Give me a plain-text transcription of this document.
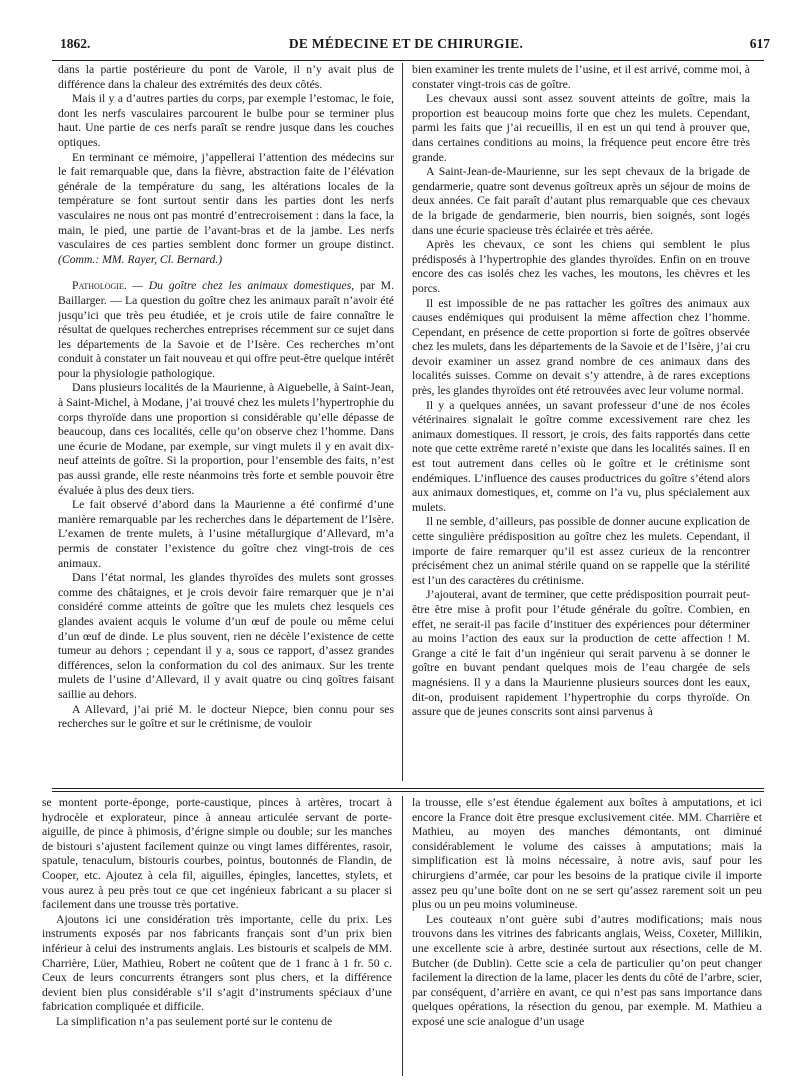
1862.	DE MÉDECINE ET DE CHIRURGIE.	617

dans la partie postérieure du pont de Varole, il n’y avait plus de différence dans la chaleur des extrémités des deux côtés.

Mais il y a d’autres parties du corps, par exemple l’estomac, le foie, dont les nerfs vasculaires parcourent le bulbe pour se terminer plus haut. Une partie de ces nerfs paraît se rendre jusque dans les couches optiques.

En terminant ce mémoire, j’appellerai l’attention des médecins sur le fait remarquable que, dans la fièvre, abstraction faite de l’élévation générale de la température du sang, les altérations locales de la température se font surtout sentir dans les parties dont les nerfs vasculaires ne nous ont pas montré d’entrecroisement : dans la face, la main, le pied, une partie de l’avant-bras et de la jambe. Les nerfs vasculaires de ces parties semblent donc former un groupe distinct. (Comm.: MM. Rayer, Cl. Bernard.)

Pathologie. — Du goître chez les animaux domestiques, par M. Baillarger. — La question du goître chez les animaux paraît n’avoir été jusqu’ici que très peu étudiée, et je crois utile de faire connaître le résultat de quelques recherches entreprises récemment sur ce sujet dans les départements de la Savoie et de l’Isère. Ces recherches m’ont conduit à constater un fait nouveau et qui offre peut-être quelque intérêt pour la physiologie pathologique.

Dans plusieurs localités de la Maurienne, à Aiguebelle, à Saint-Jean, à Saint-Michel, à Modane, j’ai trouvé chez les mulets l’hypertrophie du corps thyroïde dans une proportion si considérable qu’elle dépasse de beaucoup, dans ces localités, celle qu’on observe chez l’homme. Dans une écurie de Modane, par exemple, sur vingt mulets il y en avait dix-neuf atteints de goître. Si la proportion, pour l’ensemble des faits, n’est pas aussi grande, elle reste néanmoins très forte et semble pouvoir être évaluée à plus des deux tiers.

Le fait observé d’abord dans la Maurienne a été confirmé d’une manière remarquable par les recherches dans le département de l’Isère. L’examen de trente mulets, à l’usine métallurgique d’Allevard, m’a permis de constater l’existence du goître chez vingt-trois de ces animaux.

Dans l’état normal, les glandes thyroïdes des mulets sont grosses comme des châtaignes, et je crois devoir faire remarquer que je n’ai considéré comme atteints de goître que les mulets chez lesquels ces glandes avaient acquis le volume d’un œuf de poule ou même celui d’un œuf de dinde. Le plus souvent, rien ne décèle l’existence de cette tumeur au dehors ; cependant il y a, sous ce rapport, d’assez grandes différences, selon la conformation du col des animaux. Sur les trente mulets de l’usine d’Allevard, il y avait quatre ou cinq goîtres faisant saillie au dehors.

A Allevard, j’ai prié M. le docteur Niepce, bien connu pour ses recherches sur le goître et sur le crétinisme, de vouloir

bien examiner les trente mulets de l’usine, et il est arrivé, comme moi, à constater vingt-trois cas de goître.

Les chevaux aussi sont assez souvent atteints de goître, mais la proportion est beaucoup moins forte que chez les mulets. Cependant, parmi les faits que j’ai recueillis, il en est un qui tend à prouver que, dans certaines conditions au moins, la fréquence peut encore être très grande.

A Saint-Jean-de-Maurienne, sur les sept chevaux de la brigade de gendarmerie, quatre sont devenus goîtreux après un séjour de moins de deux années. Ce fait paraît d’autant plus remarquable que ces chevaux de la brigade de gendarmerie, bien nourris, bien soignés, sont logés dans une écurie spacieuse très éclairée et très aérée.

Après les chevaux, ce sont les chiens qui semblent le plus prédisposés à l’hypertrophie des glandes thyroïdes. Enfin on en trouve encore des cas isolés chez les vaches, les moutons, les chèvres et les porcs.

Il est impossible de ne pas rattacher les goîtres des animaux aux causes endémiques qui produisent la même affection chez l’homme. Cependant, en présence de cette proportion si forte de goîtres observée chez les mulets, dans les départements de la Savoie et de l’Isère, j’ai cru devoir examiner un assez grand nombre de ces animaux dans des localités suisses. Comme on devait s’y attendre, à de rares exceptions près, les glandes thyroïdes ont été retrouvées avec leur volume normal.

Il y a quelques années, un savant professeur d’une de nos écoles vétérinaires signalait le goître comme excessivement rare chez les animaux domestiques. Il ressort, je crois, des faits rapportés dans cette note que cette extrême rareté n’existe que dans les localités saines. Il en est tout autrement dans celles où le goître et le crétinisme sont endémiques. L’influence des causes productrices du goître s’étend alors aux animaux domestiques, et, comme on l’a vu, plus spécialement aux mulets.

Il ne semble, d’ailleurs, pas possible de donner aucune explication de cette singulière prédisposition au goître chez les mulets. Cependant, il importe de faire remarquer qu’il est assez curieux de la rencontrer précisément chez un animal stérile quand on se rappelle que la stérilité est l’un des caractères du crétinisme.

J’ajouterai, avant de terminer, que cette prédisposition pourrait peut-être être mise à profit pour l’étude générale du goître. Combien, en effet, ne serait-il pas facile d’instituer des expériences pour déterminer au moins l’action des eaux sur la production de cette affection ! M. Grange a cité le fait d’un ingénieur qui serait parvenu à se donner le goître en buvant pendant quelques mois de l’eau chargée de sels magnésiens. Il y a dans la Maurienne plusieurs sources dont les eaux, dit-on, produisent rapidement l’hypertrophie du corps thyroïde. On assure que de jeunes conscrits sont ainsi parvenus à

se montent porte-éponge, porte-caustique, pinces à artères, trocart à hydrocèle et explorateur, pince à anneau articulée servant de porte-aiguille, de pince à phimosis, d’érigne simple ou double; sur les manches de bistouri s’ajustent facilement quinze ou vingt lames différentes, rasoir, spatule, tenaculum, bistouris courbes, pointus, boutonnés de Flandin, de Cooper, etc. Ajoutez à cela fil, aiguilles, épingles, lancettes, stylets, et vous aurez à peu près tout ce que cet ingénieux fabricant a su placer si facilement dans une trousse très portative.

Ajoutons ici une considération très importante, celle du prix. Les instruments exposés par nos fabricants français sont d’un prix bien inférieur à celui des instruments anglais. Les bistouris et scalpels de MM. Charrière, Lüer, Mathieu, Robert ne coûtent que de 1 franc à 1 fr. 50 c. Ceux de leurs concurrents étrangers sont plus chers, et la différence devient bien plus considérable s’il s’agit d’instruments spéciaux d’une fabrication compliquée et difficile.

La simplification n’a pas seulement porté sur le contenu de

la trousse, elle s’est étendue également aux boîtes à amputations, et ici encore la France doit être presque exclusivement citée. MM. Charrière et Mathieu, au moyen des manches démontants, ont diminué considérablement le volume des caisses à amputations; mais la simplification est là moins nécessaire, à notre avis, sauf pour les chirurgiens d’armée, car pour les besoins de la pratique civile il importe assez peu qu’une boîte dont on ne se sert qu’assez rarement soit un peu plus ou un peu moins volumineuse.

Les couteaux n’ont guère subi d’autres modifications; mais nous trouvons dans les vitrines des fabricants anglais, Weiss, Coxeter, Millikin, une excellente scie à arbre, destinée surtout aux résections, celle de M. Butcher (de Dublin). Cette scie a cela de particulier qu’on peut changer facilement la direction de la lame, placer les dents du côté de l’arbre, scier, par conséquent, d’arrière en avant, ce qui n’est pas sans importance dans quelques opérations, la résection du genou, par exemple. M. Mathieu a exposé une scie analogue d’un usage
